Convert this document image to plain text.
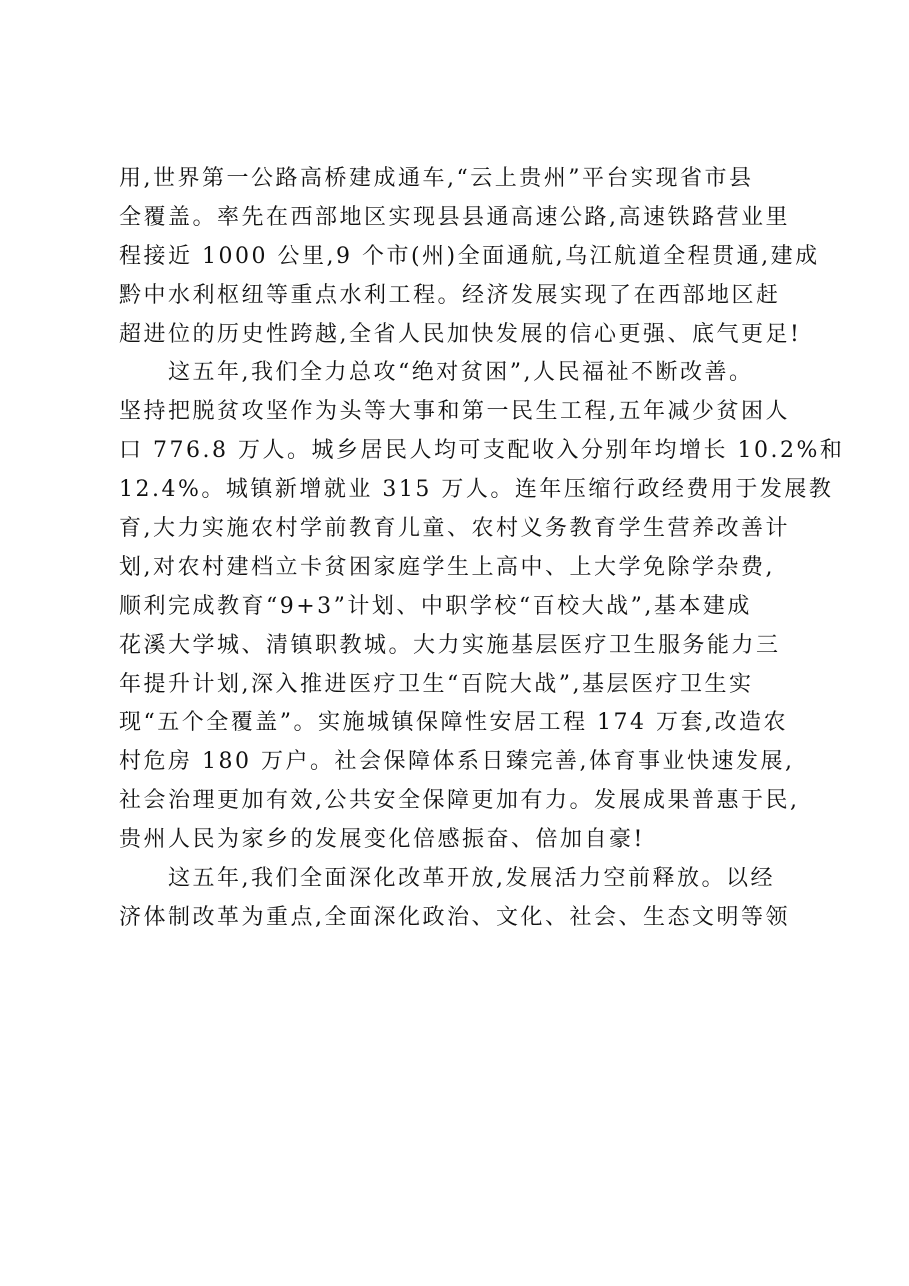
用,世界第一公路高桥建成通车,“云上贵州”平台实现省市县
全覆盖。率先在西部地区实现县县通高速公路,高速铁路营业里
程接近 1000 公里,9 个市(州)全面通航,乌江航道全程贯通,建成
黔中水利枢纽等重点水利工程。经济发展实现了在西部地区赶
超进位的历史性跨越,全省人民加快发展的信心更强、底气更足!
　　这五年,我们全力总攻“绝对贫困”,人民福祉不断改善。
坚持把脱贫攻坚作为头等大事和第一民生工程,五年减少贫困人
口 776.8 万人。城乡居民人均可支配收入分别年均增长 10.2%和
12.4%。城镇新增就业 315 万人。连年压缩行政经费用于发展教
育,大力实施农村学前教育儿童、农村义务教育学生营养改善计
划,对农村建档立卡贫困家庭学生上高中、上大学免除学杂费,
顺利完成教育“9+3”计划、中职学校“百校大战”,基本建成
花溪大学城、清镇职教城。大力实施基层医疗卫生服务能力三
年提升计划,深入推进医疗卫生“百院大战”,基层医疗卫生实
现“五个全覆盖”。实施城镇保障性安居工程 174 万套,改造农
村危房 180 万户。社会保障体系日臻完善,体育事业快速发展,
社会治理更加有效,公共安全保障更加有力。发展成果普惠于民,
贵州人民为家乡的发展变化倍感振奋、倍加自豪!
　　这五年,我们全面深化改革开放,发展活力空前释放。以经
济体制改革为重点,全面深化政治、文化、社会、生态文明等领
